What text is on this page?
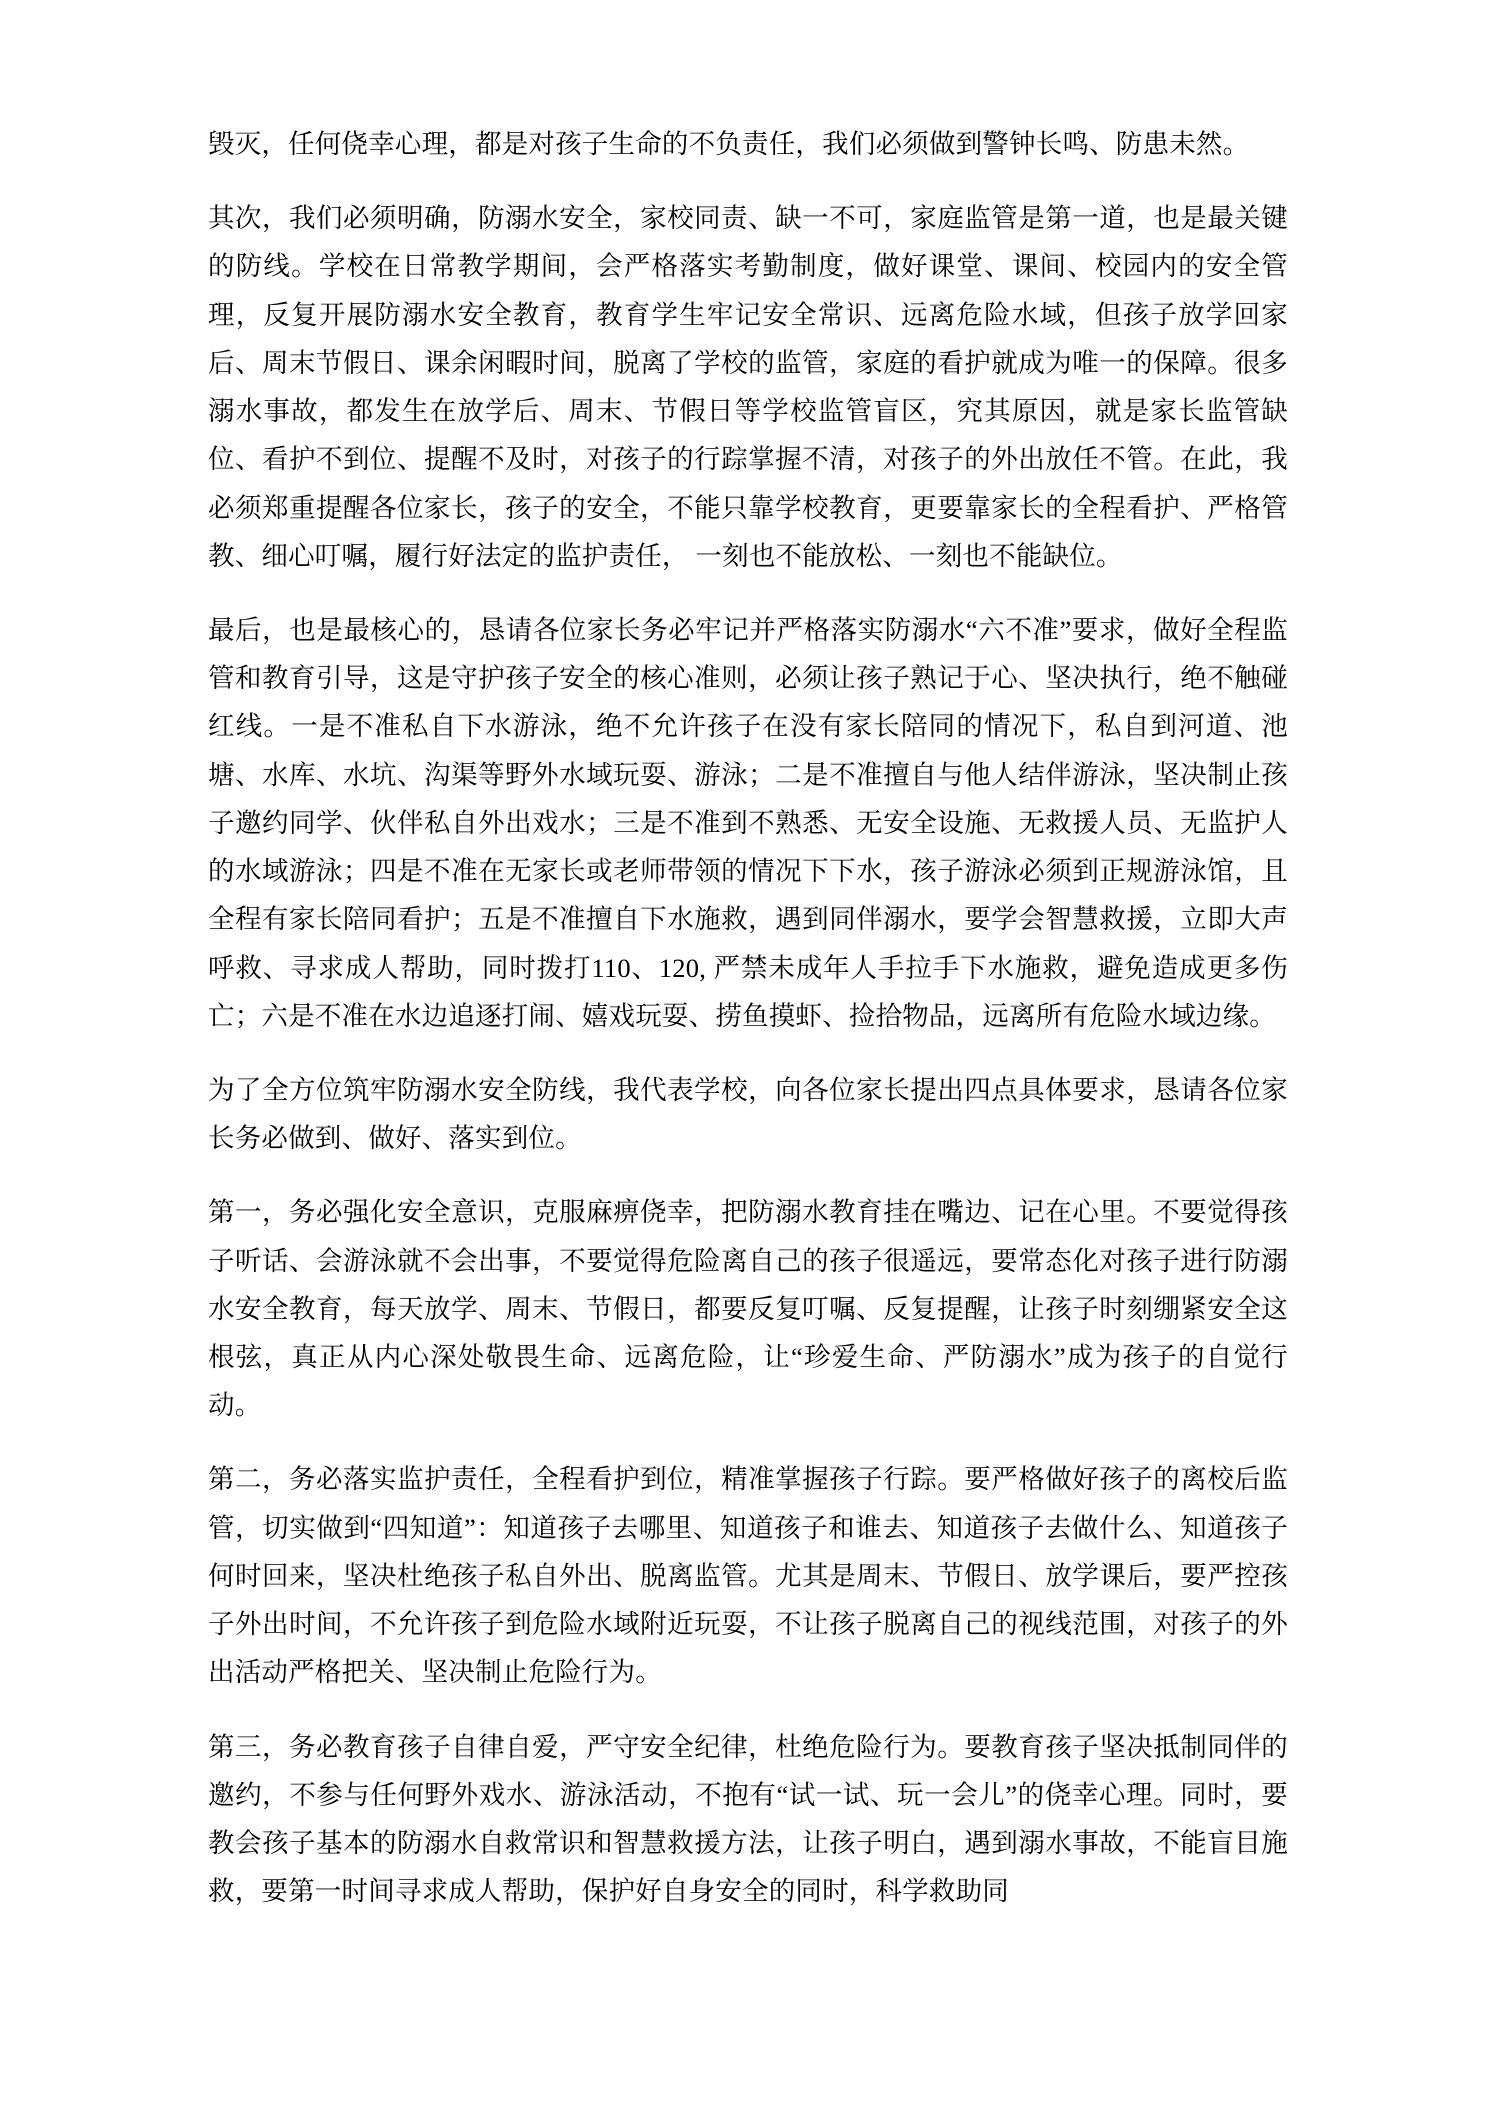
毁灭，任何侥幸心理，都是对孩子生命的不负责任，我们必须做到警钟长鸣、防患未然。

其次，我们必须明确，防溺水安全，家校同责、缺一不可，家庭监管是第一道，也是最关键的防线。学校在日常教学期间，会严格落实考勤制度，做好课堂、课间、校园内的安全管理，反复开展防溺水安全教育，教育学生牢记安全常识、远离危险水域，但孩子放学回家后、周末节假日、课余闲暇时间，脱离了学校的监管，家庭的看护就成为唯一的保障。很多溺水事故，都发生在放学后、周末、节假日等学校监管盲区，究其原因，就是家长监管缺位、看护不到位、提醒不及时，对孩子的行踪掌握不清，对孩子的外出放任不管。在此，我必须郑重提醒各位家长，孩子的安全，不能只靠学校教育，更要靠家长的全程看护、严格管教、细心叮嘱，履行好法定的监护责任， 一刻也不能放松、一刻也不能缺位。

最后，也是最核心的，恳请各位家长务必牢记并严格落实防溺水“六不准”要求，做好全程监管和教育引导，这是守护孩子安全的核心准则，必须让孩子熟记于心、坚决执行，绝不触碰红线。一是不准私自下水游泳，绝不允许孩子在没有家长陪同的情况下，私自到河道、池塘、水库、水坑、沟渠等野外水域玩耍、游泳；二是不准擅自与他人结伴游泳，坚决制止孩子邀约同学、伙伴私自外出戏水；三是不准到不熟悉、无安全设施、无救援人员、无监护人的水域游泳；四是不准在无家长或老师带领的情况下下水，孩子游泳必须到正规游泳馆，且全程有家长陪同看护；五是不准擅自下水施救，遇到同伴溺水，要学会智慧救援，立即大声呼救、寻求成人帮助，同时拨打110、120, 严禁未成年人手拉手下水施救，避免造成更多伤亡；六是不准在水边追逐打闹、嬉戏玩耍、捞鱼摸虾、捡拾物品，远离所有危险水域边缘。

为了全方位筑牢防溺水安全防线，我代表学校，向各位家长提出四点具体要求，恳请各位家长务必做到、做好、落实到位。

第一，务必强化安全意识，克服麻痹侥幸，把防溺水教育挂在嘴边、记在心里。不要觉得孩子听话、会游泳就不会出事，不要觉得危险离自己的孩子很遥远，要常态化对孩子进行防溺水安全教育，每天放学、周末、节假日，都要反复叮嘱、反复提醒，让孩子时刻绷紧安全这根弦，真正从内心深处敬畏生命、远离危险，让“珍爱生命、严防溺水”成为孩子的自觉行动。

第二，务必落实监护责任，全程看护到位，精准掌握孩子行踪。要严格做好孩子的离校后监管，切实做到“四知道”：知道孩子去哪里、知道孩子和谁去、知道孩子去做什么、知道孩子何时回来，坚决杜绝孩子私自外出、脱离监管。尤其是周末、节假日、放学课后，要严控孩子外出时间，不允许孩子到危险水域附近玩耍，不让孩子脱离自己的视线范围，对孩子的外出活动严格把关、坚决制止危险行为。

第三，务必教育孩子自律自爱，严守安全纪律，杜绝危险行为。要教育孩子坚决抵制同伴的邀约，不参与任何野外戏水、游泳活动，不抱有“试一试、玩一会儿”的侥幸心理。同时，要教会孩子基本的防溺水自救常识和智慧救援方法，让孩子明白，遇到溺水事故，不能盲目施救，要第一时间寻求成人帮助，保护好自身安全的同时，科学救助同
